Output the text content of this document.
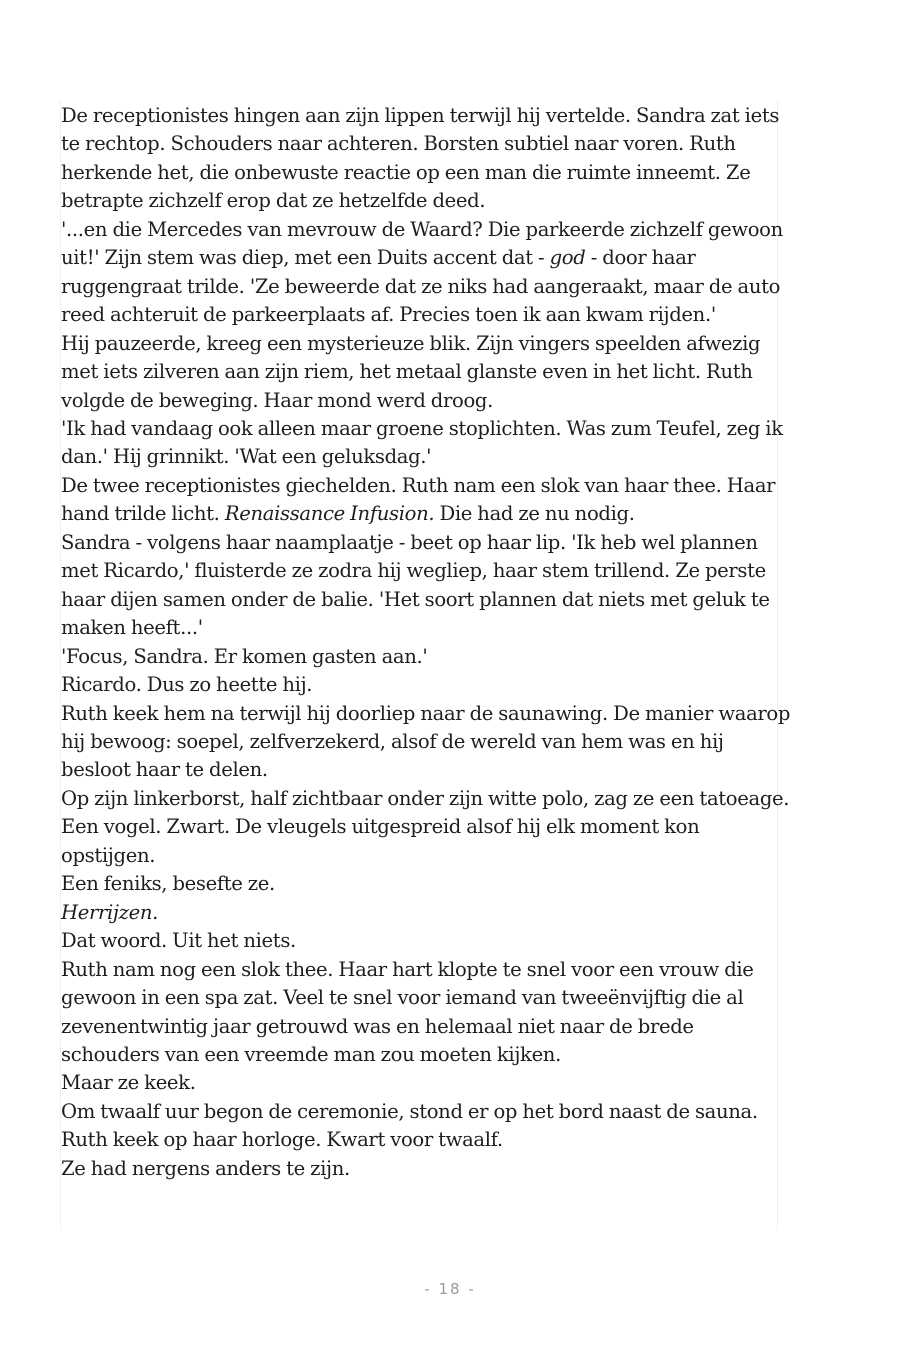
De receptionistes hingen aan zijn lippen terwijl hij vertelde. Sandra zat iets te rechtop. Schouders naar achteren. Borsten subtiel naar voren. Ruth herkende het, die onbewuste reactie op een man die ruimte inneemt. Ze betrapte zichzelf erop dat ze hetzelfde deed.

'...en die Mercedes van mevrouw de Waard? Die parkeerde zichzelf gewoon uit!' Zijn stem was diep, met een Duits accent dat - god - door haar ruggengraat trilde. 'Ze beweerde dat ze niks had aangeraakt, maar de auto reed achteruit de parkeerplaats af. Precies toen ik aan kwam rijden.'

Hij pauzeerde, kreeg een mysterieuze blik. Zijn vingers speelden afwezig met iets zilveren aan zijn riem, het metaal glanste even in het licht. Ruth volgde de beweging. Haar mond werd droog.

'Ik had vandaag ook alleen maar groene stoplichten. Was zum Teufel, zeg ik dan.' Hij grinnikt. 'Wat een geluksdag.'

De twee receptionistes giechelden. Ruth nam een slok van haar thee. Haar hand trilde licht. Renaissance Infusion. Die had ze nu nodig.

Sandra - volgens haar naamplaatje - beet op haar lip. 'Ik heb wel plannen met Ricardo,' fluisterde ze zodra hij wegliep, haar stem trillend. Ze perste haar dijen samen onder de balie. 'Het soort plannen dat niets met geluk te maken heeft...'

'Focus, Sandra. Er komen gasten aan.'

Ricardo. Dus zo heette hij.

Ruth keek hem na terwijl hij doorliep naar de saunawing. De manier waarop hij bewoog: soepel, zelfverzekerd, alsof de wereld van hem was en hij besloot haar te delen.

Op zijn linkerborst, half zichtbaar onder zijn witte polo, zag ze een tatoeage. Een vogel. Zwart. De vleugels uitgespreid alsof hij elk moment kon opstijgen.

Een feniks, besefte ze.

Herrijzen.

Dat woord. Uit het niets.

Ruth nam nog een slok thee. Haar hart klopte te snel voor een vrouw die gewoon in een spa zat. Veel te snel voor iemand van tweeënvijftig die al zevenentwintig jaar getrouwd was en helemaal niet naar de brede schouders van een vreemde man zou moeten kijken.

Maar ze keek.

Om twaalf uur begon de ceremonie, stond er op het bord naast de sauna.

Ruth keek op haar horloge. Kwart voor twaalf.

Ze had nergens anders te zijn.

- 18 -
